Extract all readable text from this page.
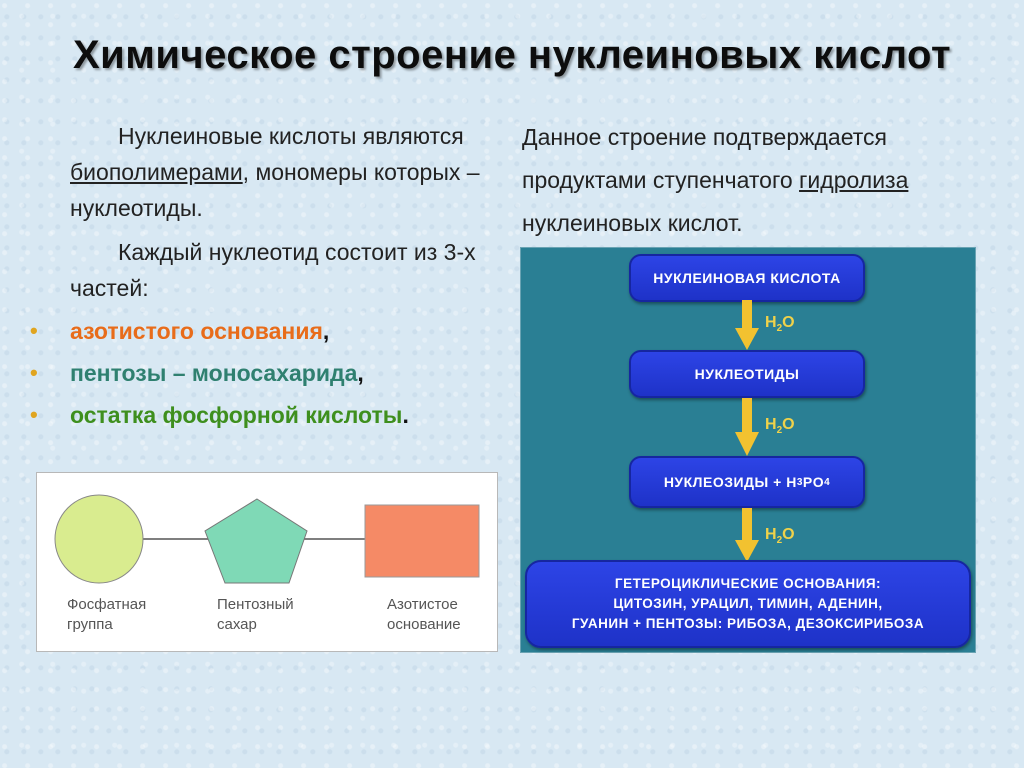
Химическое строение нуклеиновых кислот

Нуклеиновые кислоты являются биополимерами, мономеры которых – нуклеотиды.

Каждый нуклеотид состоит из 3-х частей:

• азотистого основания,
• пентозы – моносахарида,
• остатка фосфорной кислоты.

Данное строение подтверждается продуктами ступенчатого гидролиза нуклеиновых кислот.

Фосфатная
группа
Пентозный
сахар
Азотистое
основание
НУКЛЕИНОВАЯ КИСЛОТА
$H_2O$
НУКЛЕОТИДЫ
$H_2O$
НУКЛЕОЗИДЫ + H 3 PO 4
$H_2O$
ГЕТЕРОЦИКЛИЧЕСКИЕ ОСНОВАНИЯ:
ЦИТОЗИН, УРАЦИЛ, ТИМИН, АДЕНИН,
ГУАНИН + ПЕНТОЗЫ: РИБОЗА, ДЕЗОКСИРИБОЗА
